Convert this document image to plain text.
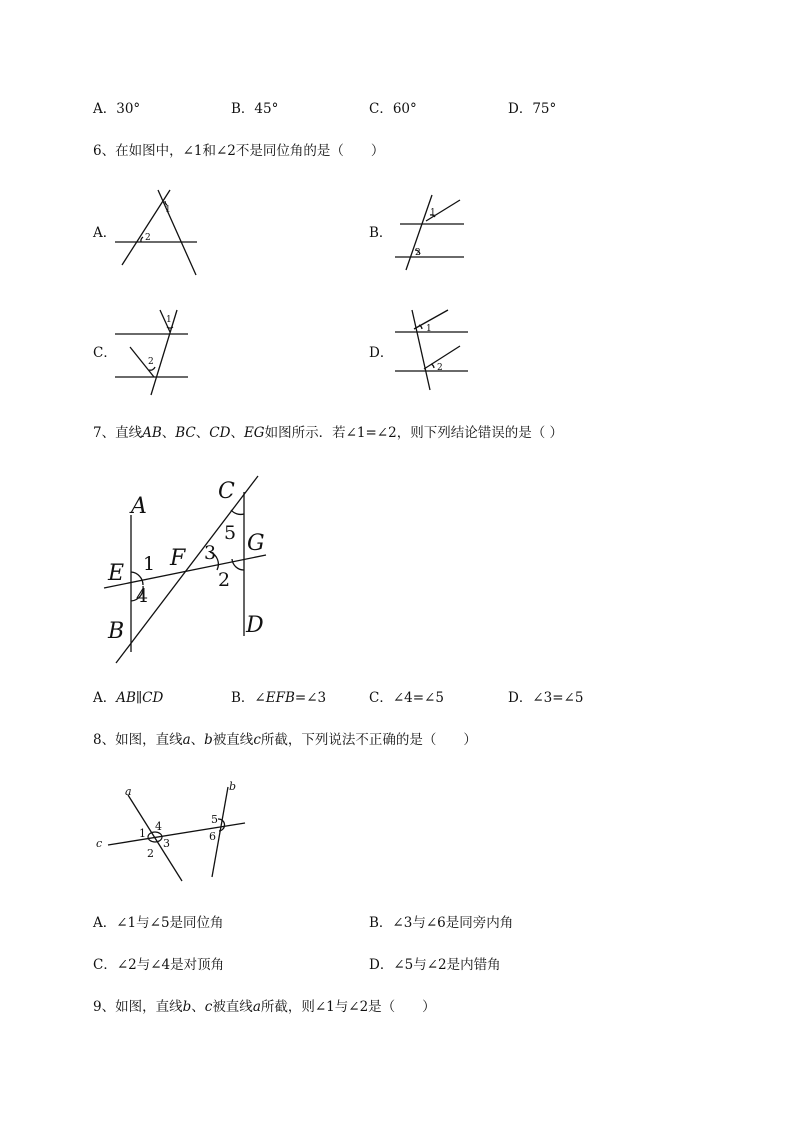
A．30°	B．45°	C．60°	D．75°
6、在如图中，∠1和∠2不是同位角的是（　　）
A．
1
2	B．
1
2
C．
1
2
D．
1
2
7、直线AB、BC、CD、EG如图所示．若∠1=∠2，则下列结论错误的是（ ）
A
B
C
D
E
F
G
1
2
3
4
5
A．AB∥CD	B．∠EFB=∠3	C．∠4=∠5	D．∠3=∠5
8、如图，直线a、b被直线c所截，下列说法不正确的是（　　）
a	b
c
1
2
3
4
5
6
A．∠1与∠5是同位角	B．∠3与∠6是同旁内角
C．∠2与∠4是对顶角	D．∠5与∠2是内错角
9、如图，直线b、c被直线a所截，则∠1与∠2是（　　）
